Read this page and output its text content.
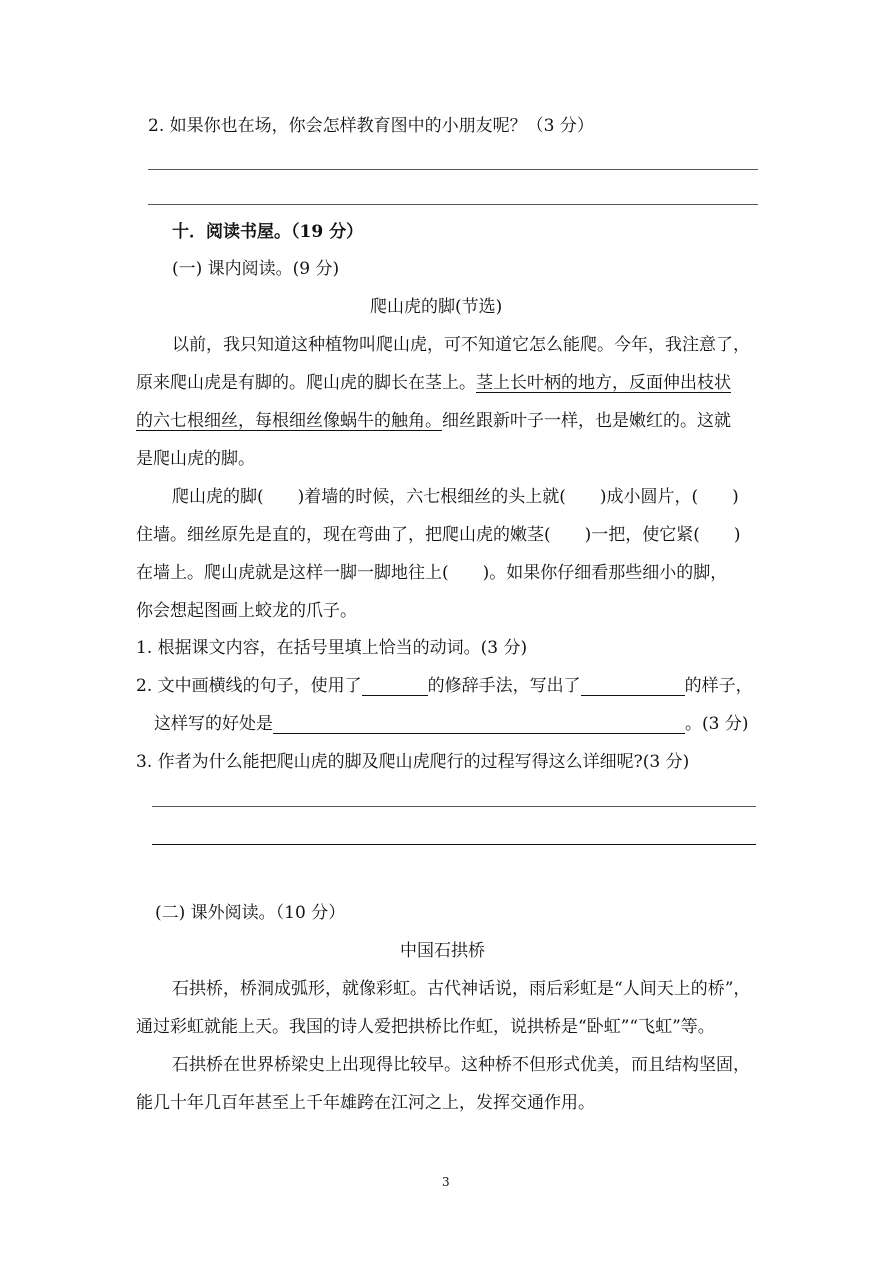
2. 如果你也在场，你会怎样教育图中的小朋友呢？（3 分）
十．阅读书屋。（19 分）
(一) 课内阅读。(9 分)
爬山虎的脚(节选)
以前，我只知道这种植物叫爬山虎，可不知道它怎么能爬。今年，我注意了，
原来爬山虎是有脚的。爬山虎的脚长在茎上。茎上长叶柄的地方，反面伸出枝状
的六七根细丝，每根细丝像蜗牛的触角。细丝跟新叶子一样，也是嫩红的。这就
是爬山虎的脚。
爬山虎的脚(　　)着墙的时候，六七根细丝的头上就(　　)成小圆片，(　　)
住墙。细丝原先是直的，现在弯曲了，把爬山虎的嫩茎(　　)一把，使它紧(　　)
在墙上。爬山虎就是这样一脚一脚地往上(　　)。如果你仔细看那些细小的脚，
你会想起图画上蛟龙的爪子。
1. 根据课文内容，在括号里填上恰当的动词。(3 分)
2. 文中画横线的句子，使用了	的修辞手法，写出了	的样子，
这样写的好处是	。(3 分)
3. 作者为什么能把爬山虎的脚及爬山虎爬行的过程写得这么详细呢?(3 分)
(二) 课外阅读。（10 分）
中国石拱桥
石拱桥，桥洞成弧形，就像彩虹。古代神话说，雨后彩虹是“人间天上的桥”，
通过彩虹就能上天。我国的诗人爱把拱桥比作虹，说拱桥是“卧虹”“飞虹”等。
石拱桥在世界桥梁史上出现得比较早。这种桥不但形式优美，而且结构坚固，
能几十年几百年甚至上千年雄跨在江河之上，发挥交通作用。
3
